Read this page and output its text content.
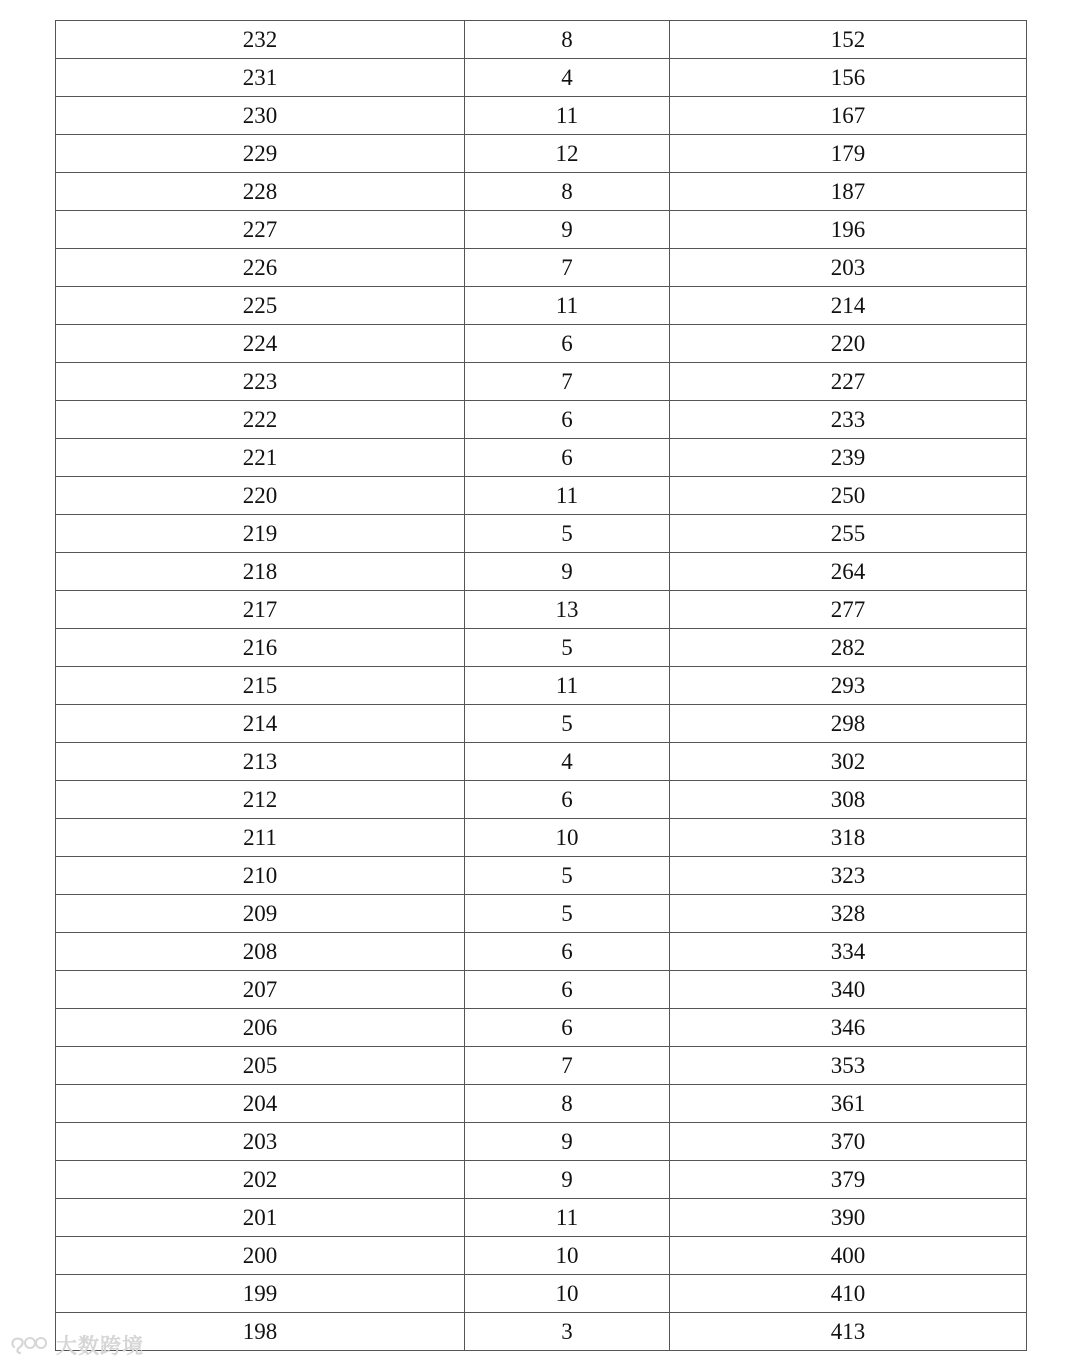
232	8	152
231	4	156
230	11	167
229	12	179
228	8	187
227	9	196
226	7	203
225	11	214
224	6	220
223	7	227
222	6	233
221	6	239
220	11	250
219	5	255
218	9	264
217	13	277
216	5	282
215	11	293
214	5	298
213	4	302
212	6	308
211	10	318
210	5	323
209	5	328
208	6	334
207	6	340
206	6	346
205	7	353
204	8	361
203	9	370
202	9	379
201	11	390
200	10	400
199	10	410
198	3	413
大数跨境
